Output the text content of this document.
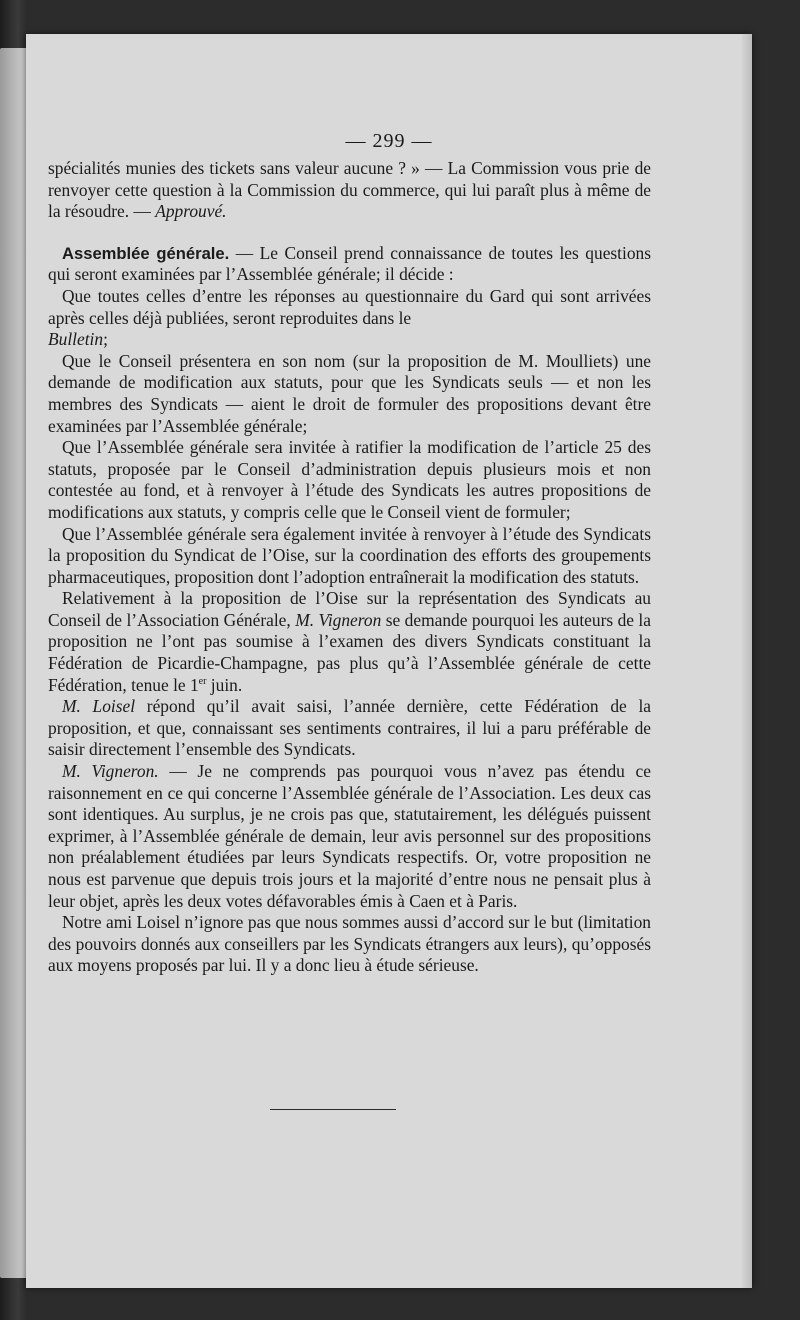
— 299 —

spécialités munies des tickets sans valeur aucune ? » — La Commission vous prie de renvoyer cette question à la Commission du commerce, qui lui paraît plus à même de la résoudre. — Approuvé.

Assemblée générale. — Le Conseil prend connaissance de toutes les questions qui seront examinées par l’Assemblée générale; il décide :

Que toutes celles d’entre les réponses au questionnaire du Gard qui sont arrivées après celles déjà publiées, seront reproduites dans le
Bulletin;

Que le Conseil présentera en son nom (sur la proposition de M. Moulliets) une demande de modification aux statuts, pour que les Syndicats seuls — et non les membres des Syndicats — aient le droit de formuler des propositions devant être examinées par l’Assemblée générale;

Que l’Assemblée générale sera invitée à ratifier la modification de l’article 25 des statuts, proposée par le Conseil d’administration depuis plusieurs mois et non contestée au fond, et à renvoyer à l’étude des Syndicats les autres propositions de modifications aux statuts, y compris celle que le Conseil vient de formuler;

Que l’Assemblée générale sera également invitée à renvoyer à l’étude des Syndicats la proposition du Syndicat de l’Oise, sur la coordination des efforts des groupements pharmaceutiques, proposition dont l’adoption entraînerait la modification des statuts.

Relativement à la proposition de l’Oise sur la représentation des Syndicats au Conseil de l’Association Générale, M. Vigneron se demande pourquoi les auteurs de la proposition ne l’ont pas soumise à l’examen des divers Syndicats constituant la Fédération de Picardie-Champagne, pas plus qu’à l’Assemblée générale de cette Fédération, tenue le 1er juin.

M. Loisel répond qu’il avait saisi, l’année dernière, cette Fédération de la proposition, et que, connaissant ses sentiments contraires, il lui a paru préférable de saisir directement l’ensemble des Syndicats.

M. Vigneron. — Je ne comprends pas pourquoi vous n’avez pas étendu ce raisonnement en ce qui concerne l’Assemblée générale de l’Association. Les deux cas sont identiques. Au surplus, je ne crois pas que, statutairement, les délégués puissent exprimer, à l’Assemblée générale de demain, leur avis personnel sur des propositions non préalablement étudiées par leurs Syndicats respectifs. Or, votre proposition ne nous est parvenue que depuis trois jours et la majorité d’entre nous ne pensait plus à leur objet, après les deux votes défavorables émis à Caen et à Paris.

Notre ami Loisel n’ignore pas que nous sommes aussi d’accord sur le but (limitation des pouvoirs donnés aux conseillers par les Syndicats étrangers aux leurs), qu’opposés aux moyens proposés par lui. Il y a donc lieu à étude sérieuse.
